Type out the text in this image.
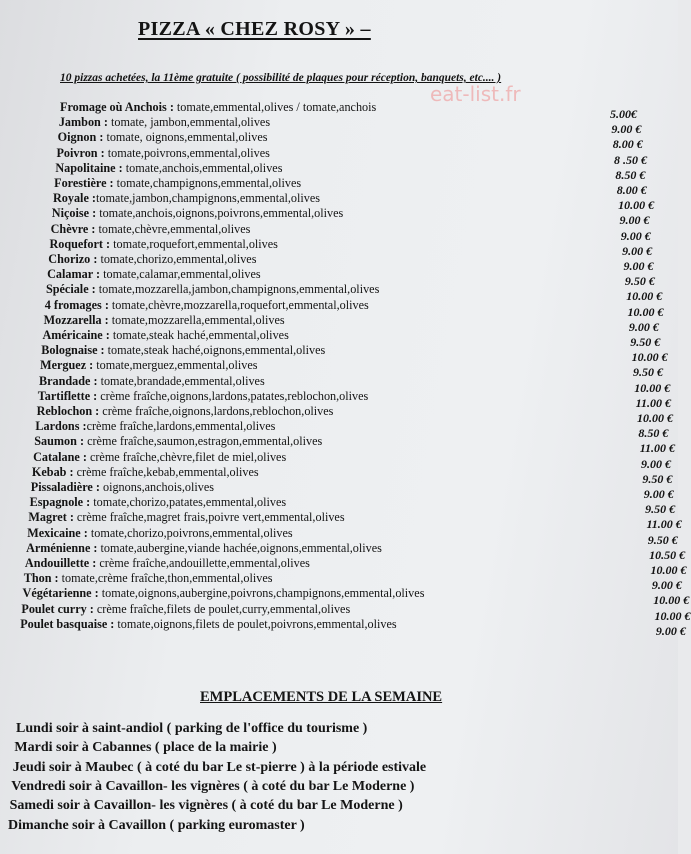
PIZZA « CHEZ ROSY » –
10 pizzas achetées, la 11ème gratuite ( possibilité de plaques pour réception, banquets, etc.... )
eat-list.fr
Fromage où Anchois : tomate,emmental,olives / tomate,anchois	5.00€
Jambon : tomate, jambon,emmental,olives	9.00 €
Oignon : tomate, oignons,emmental,olives	8.00 €
Poivron : tomate,poivrons,emmental,olives	8 .50 €
Napolitaine : tomate,anchois,emmental,olives	8.50 €
Forestière : tomate,champignons,emmental,olives	8.00 €
Royale :tomate,jambon,champignons,emmental,olives	10.00 €
Niçoise : tomate,anchois,oignons,poivrons,emmental,olives	9.00 €
Chèvre : tomate,chèvre,emmental,olives	9.00 €
Roquefort : tomate,roquefort,emmental,olives	9.00 €
Chorizo : tomate,chorizo,emmental,olives	9.00 €
Calamar : tomate,calamar,emmental,olives	9.50 €
Spéciale : tomate,mozzarella,jambon,champignons,emmental,olives	10.00 €
4 fromages : tomate,chèvre,mozzarella,roquefort,emmental,olives	10.00 €
Mozzarella : tomate,mozzarella,emmental,olives	9.00 €
Américaine : tomate,steak haché,emmental,olives	9.50 €
Bolognaise : tomate,steak haché,oignons,emmental,olives	10.00 €
Merguez : tomate,merguez,emmental,olives	9.50 €
Brandade : tomate,brandade,emmental,olives	10.00 €
Tartiflette : crème fraîche,oignons,lardons,patates,reblochon,olives	11.00 €
Reblochon : crème fraîche,oignons,lardons,reblochon,olives	10.00 €
Lardons :crème fraîche,lardons,emmental,olives	8.50 €
Saumon : crème fraîche,saumon,estragon,emmental,olives	11.00 €
Catalane : crème fraîche,chèvre,filet de miel,olives	9.00 €
Kebab : crème fraîche,kebab,emmental,olives	9.50 €
Pissaladière : oignons,anchois,olives	9.00 €
Espagnole : tomate,chorizo,patates,emmental,olives	9.50 €
Magret : crème fraîche,magret frais,poivre vert,emmental,olives	11.00 €
Mexicaine : tomate,chorizo,poivrons,emmental,olives	9.50 €
Arménienne : tomate,aubergine,viande hachée,oignons,emmental,olives	10.50 €
Andouillette : crème fraîche,andouillette,emmental,olives	10.00 €
Thon : tomate,crème fraîche,thon,emmental,olives	9.00 €
Végétarienne : tomate,oignons,aubergine,poivrons,champignons,emmental,olives	10.00 €
Poulet curry : crème fraîche,filets de poulet,curry,emmental,olives	10.00 €
Poulet basquaise : tomate,oignons,filets de poulet,poivrons,emmental,olives	9.00 €
EMPLACEMENTS DE LA SEMAINE
Lundi soir à saint-andiol ( parking de l'office du tourisme )
Mardi soir à Cabannes ( place de la mairie )
Jeudi soir à Maubec ( à coté du bar Le st-pierre ) à la période estivale
Vendredi soir à Cavaillon- les vignères ( à coté du bar Le Moderne )
Samedi soir à Cavaillon- les vignères ( à coté du bar Le Moderne )
Dimanche soir à Cavaillon ( parking euromaster )
